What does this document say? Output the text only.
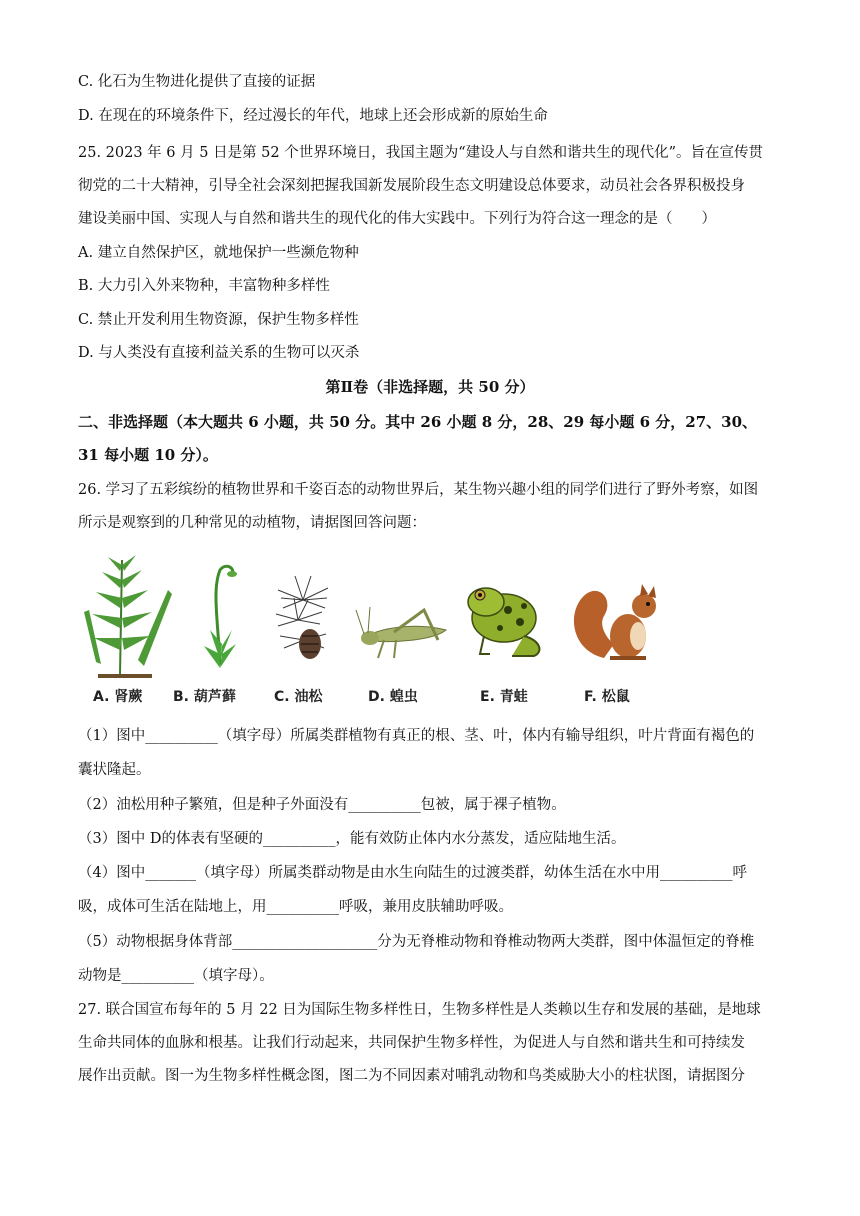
C. 化石为生物进化提供了直接的证据
D. 在现在的环境条件下，经过漫长的年代，地球上还会形成新的原始生命
25. 2023 年 6 月 5 日是第 52 个世界环境日，我国主题为“建设人与自然和谐共生的现代化”。旨在宣传贯
彻党的二十大精神，引导全社会深刻把握我国新发展阶段生态文明建设总体要求，动员社会各界积极投身
建设美丽中国、实现人与自然和谐共生的现代化的伟大实践中。下列行为符合这一理念的是（　　）
A. 建立自然保护区，就地保护一些濒危物种
B. 大力引入外来物种，丰富物种多样性
C. 禁止开发利用生物资源，保护生物多样性
D. 与人类没有直接利益关系的生物可以灭杀
第Ⅱ卷（非选择题，共 50 分）
二、非选择题（本大题共 6 小题，共 50 分。其中 26 小题 8 分，28、29 每小题 6 分，27、30、
31 每小题 10 分）。
26. 学习了五彩缤纷的植物世界和千姿百态的动物世界后，某生物兴趣小组的同学们进行了野外考察，如图
所示是观察到的几种常见的动植物，请据图回答问题：
A. 肾蕨 B. 葫芦藓	C. 油松	D. 蝗虫	E. 青蛙	F. 松鼠
（1）图中__________（填字母）所属类群植物有真正的根、茎、叶，体内有输导组织，叶片背面有褐色的
囊状隆起。
（2）油松用种子繁殖，但是种子外面没有__________包被，属于裸子植物。
（3）图中 D的体表有坚硬的__________，能有效防止体内水分蒸发，适应陆地生活。
（4）图中_______（填字母）所属类群动物是由水生向陆生的过渡类群，幼体生活在水中用__________呼
吸，成体可生活在陆地上，用__________呼吸，兼用皮肤辅助呼吸。
（5）动物根据身体背部____________________分为无脊椎动物和脊椎动物两大类群，图中体温恒定的脊椎
动物是__________（填字母）。
27. 联合国宣布每年的 5 月 22 日为国际生物多样性日，生物多样性是人类赖以生存和发展的基础，是地球
生命共同体的血脉和根基。让我们行动起来，共同保护生物多样性，为促进人与自然和谐共生和可持续发
展作出贡献。图一为生物多样性概念图，图二为不同因素对哺乳动物和鸟类威胁大小的柱状图，请据图分
